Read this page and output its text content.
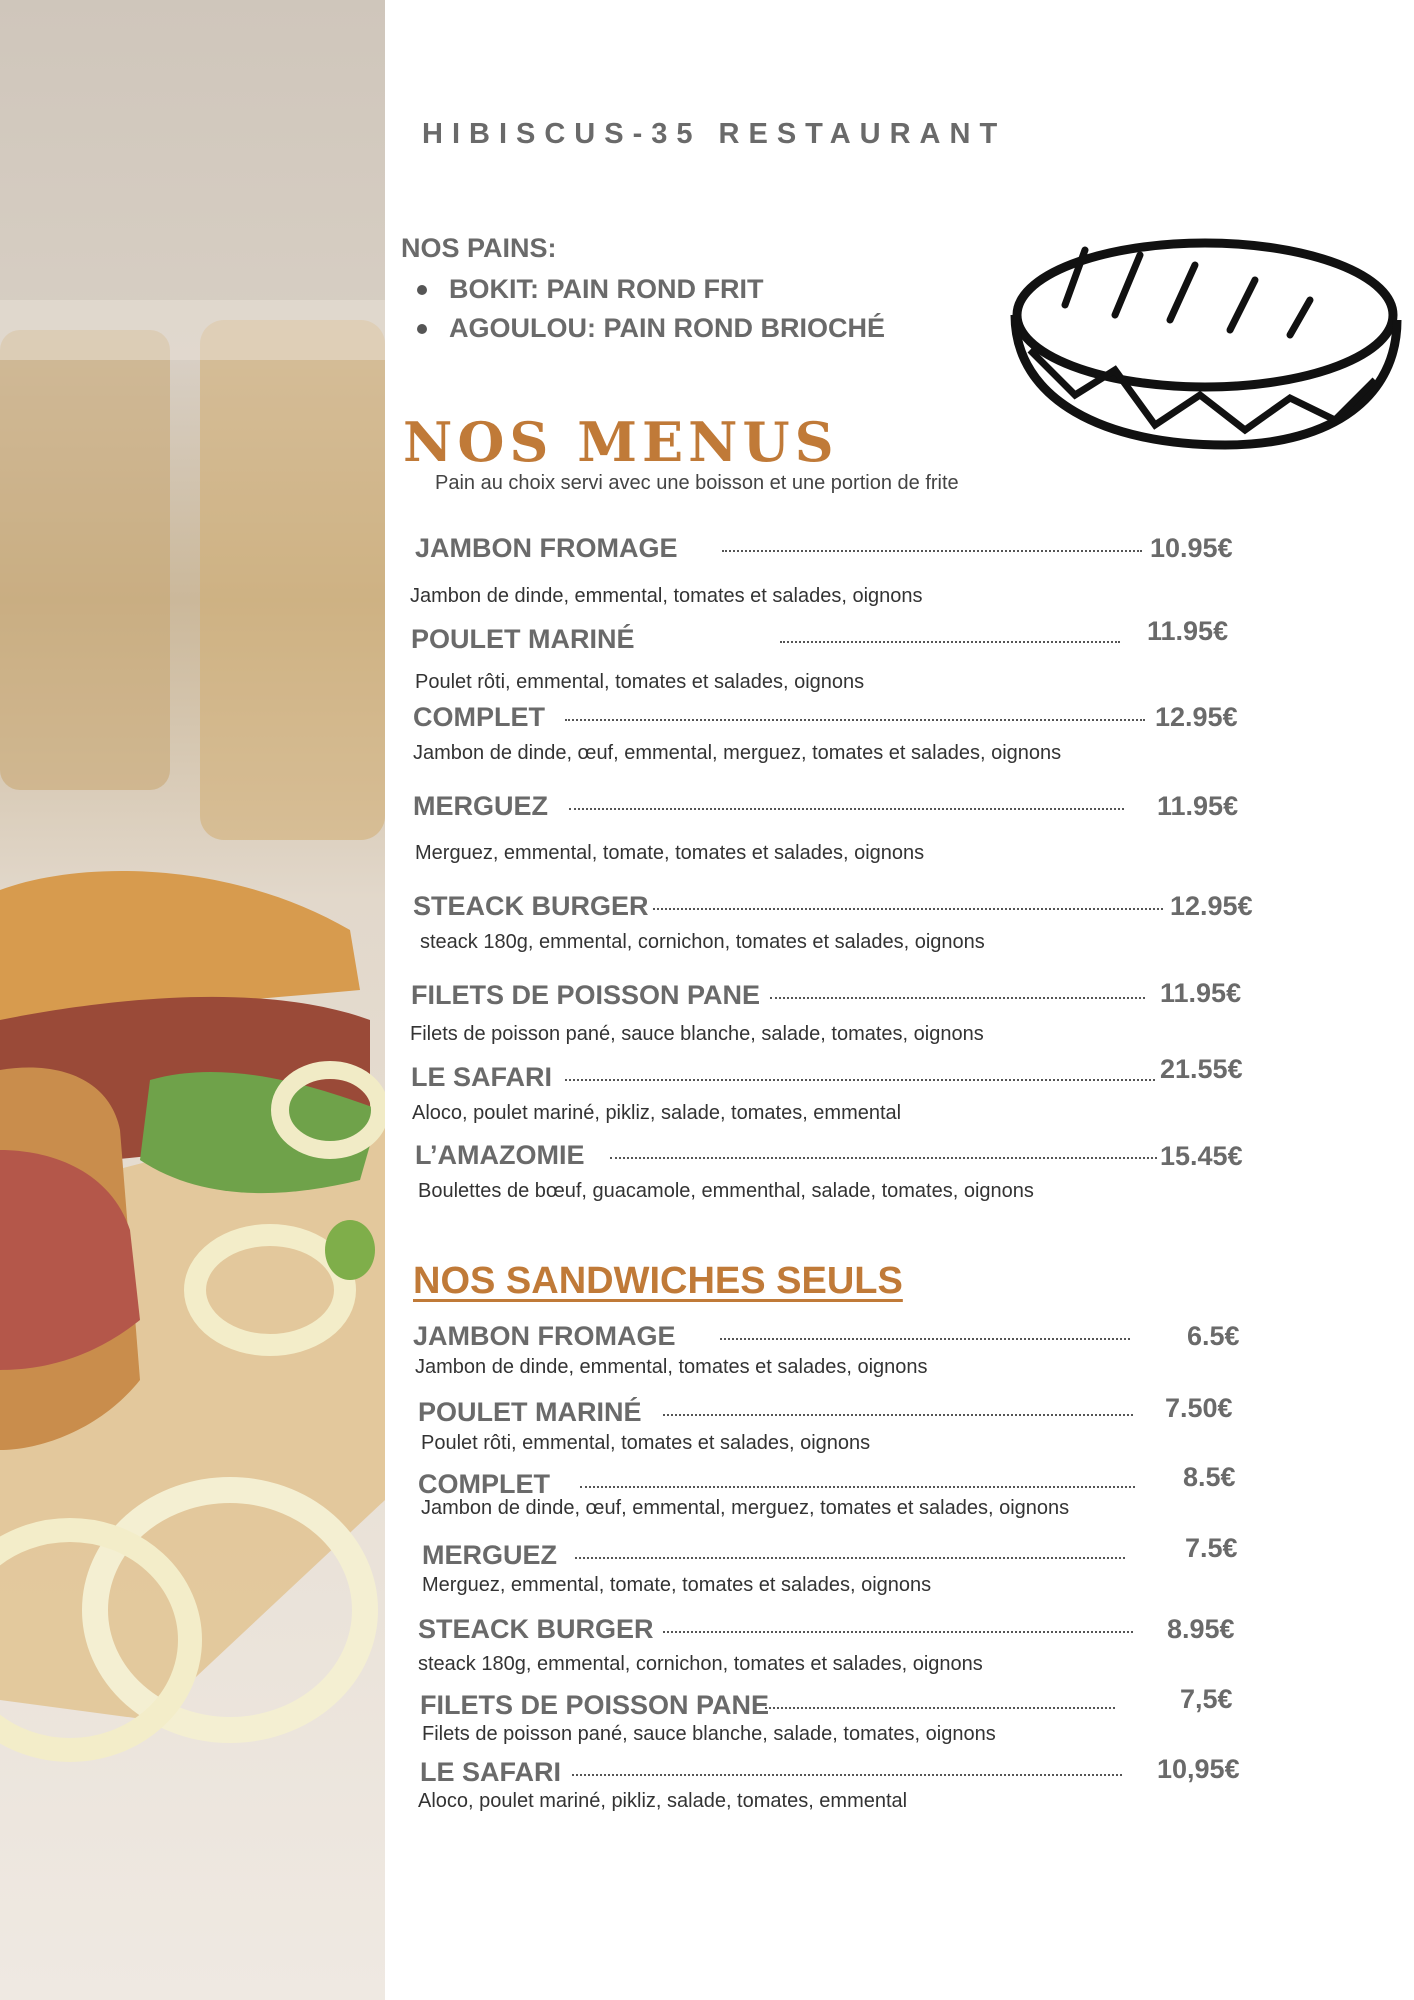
HIBISCUS-35 RESTAURANT
NOS PAINS:
BOKIT: PAIN ROND FRIT
AGOULOU: PAIN ROND BRIOCHÉ
NOS MENUS
Pain au choix servi avec une boisson et une portion de frite
JAMBON FROMAGE	10.95€
Jambon de dinde, emmental, tomates et salades, oignons
POULET MARINÉ	11.95€
Poulet rôti, emmental, tomates et salades, oignons
COMPLET	12.95€
Jambon de dinde, œuf, emmental, merguez, tomates et salades, oignons
MERGUEZ	11.95€
Merguez, emmental, tomate, tomates et salades, oignons
STEACK BURGER	12.95€
steack 180g, emmental, cornichon, tomates et salades, oignons
FILETS DE POISSON PANE	11.95€
Filets de poisson pané, sauce blanche, salade, tomates, oignons
LE SAFARI	21.55€
Aloco, poulet mariné, pikliz, salade, tomates, emmental
L’AMAZOMIE	15.45€
Boulettes de bœuf, guacamole, emmenthal, salade, tomates, oignons
NOS SANDWICHES SEULS
JAMBON FROMAGE	6.5€
Jambon de dinde, emmental, tomates et salades, oignons
POULET MARINÉ	7.50€
Poulet rôti, emmental, tomates et salades, oignons
COMPLET	8.5€
Jambon de dinde, œuf, emmental, merguez, tomates et salades, oignons
MERGUEZ	7.5€
Merguez, emmental, tomate, tomates et salades, oignons
STEACK BURGER	8.95€
steack 180g, emmental, cornichon, tomates et salades, oignons
FILETS DE POISSON PANE	7,5€
Filets de poisson pané, sauce blanche, salade, tomates, oignons
LE SAFARI	10,95€
Aloco, poulet mariné, pikliz, salade, tomates, emmental
